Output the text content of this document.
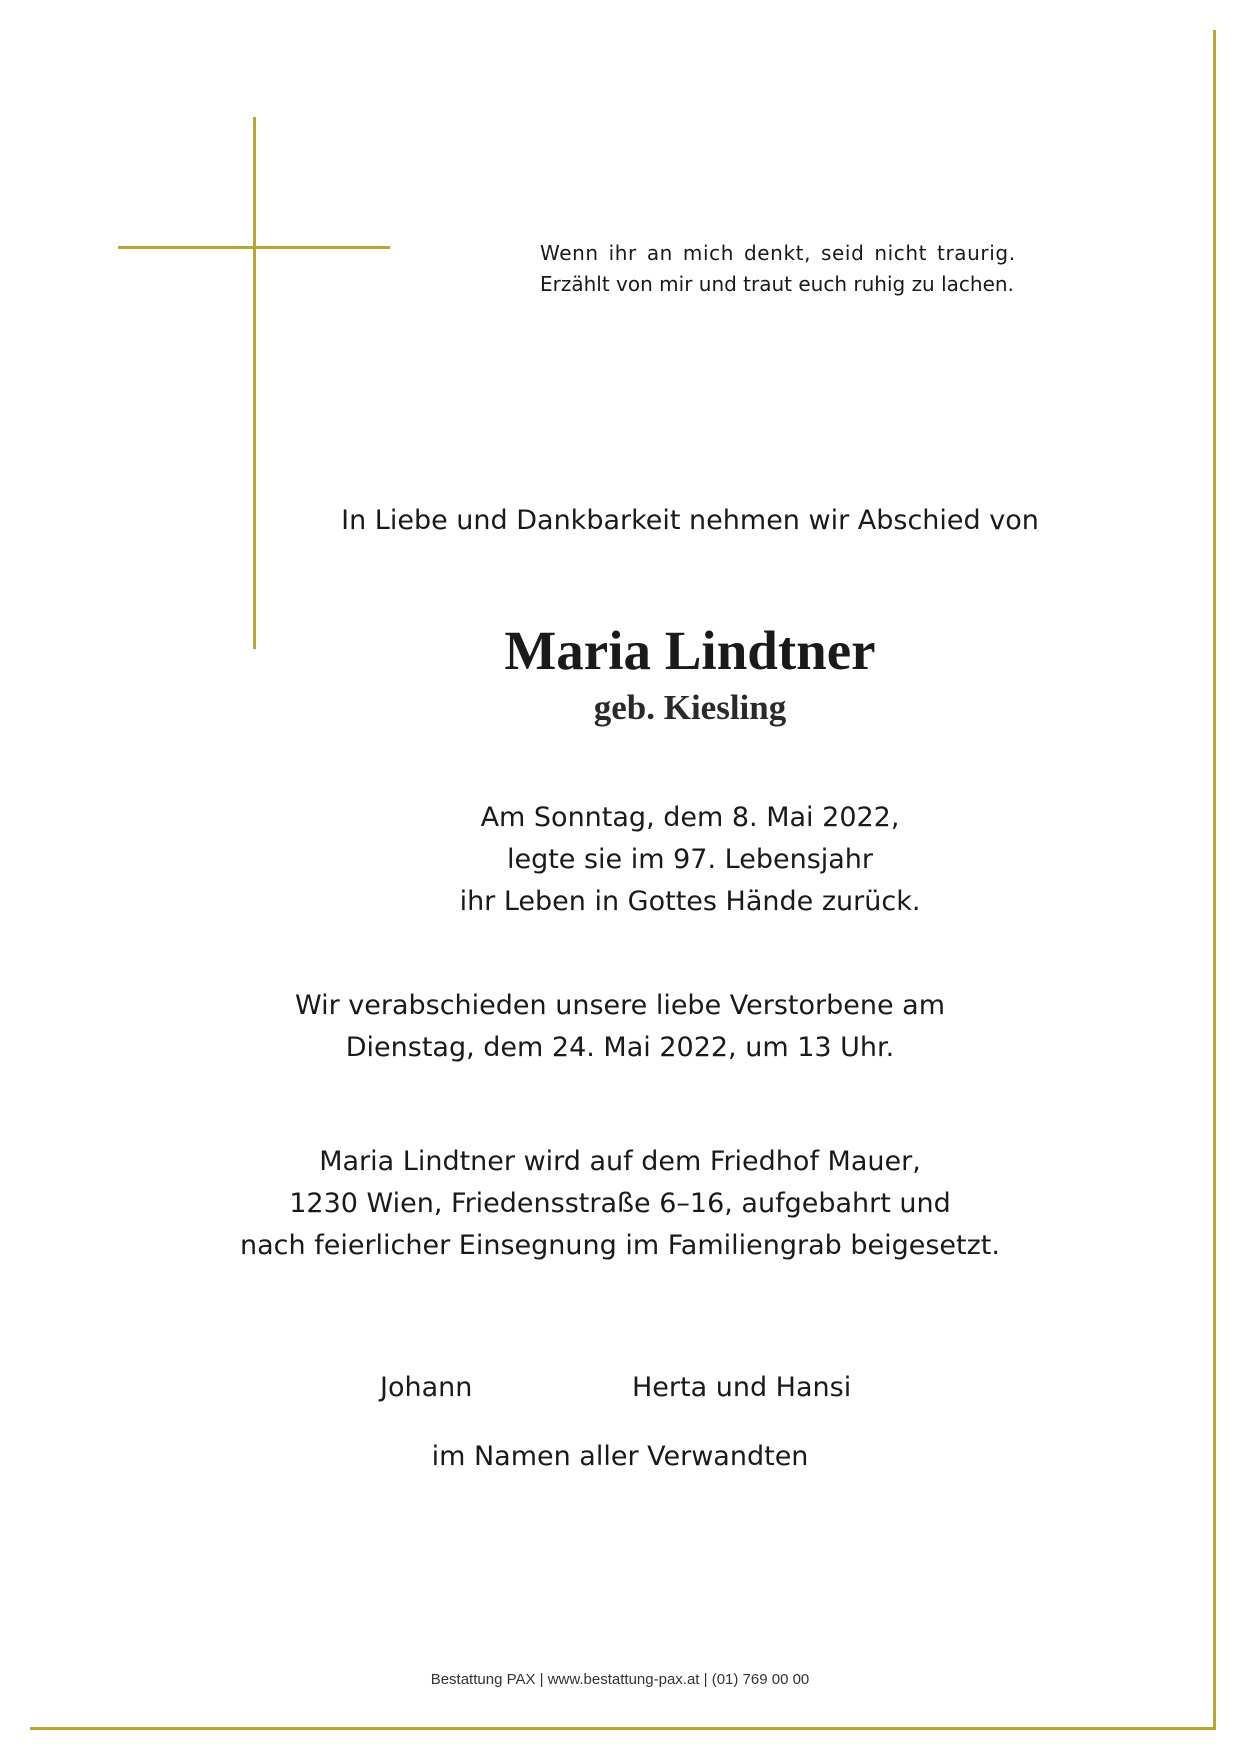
Wenn ihr an mich denkt, seid nicht traurig.
Erzählt von mir und traut euch ruhig zu lachen.
In Liebe und Dankbarkeit nehmen wir Abschied von
Maria Lindtner
geb. Kiesling
Am Sonntag, dem 8. Mai 2022,
legte sie im 97. Lebensjahr
ihr Leben in Gottes Hände zurück.
Wir verabschieden unsere liebe Verstorbene am
Dienstag, dem 24. Mai 2022, um 13 Uhr.
Maria Lindtner wird auf dem Friedhof Mauer,
1230 Wien, Friedensstraße 6–16, aufgebahrt und
nach feierlicher Einsegnung im Familiengrab beigesetzt.
Johann	Herta und Hansi
im Namen aller Verwandten
Bestattung PAX | www.bestattung-pax.at | (01) 769 00 00
